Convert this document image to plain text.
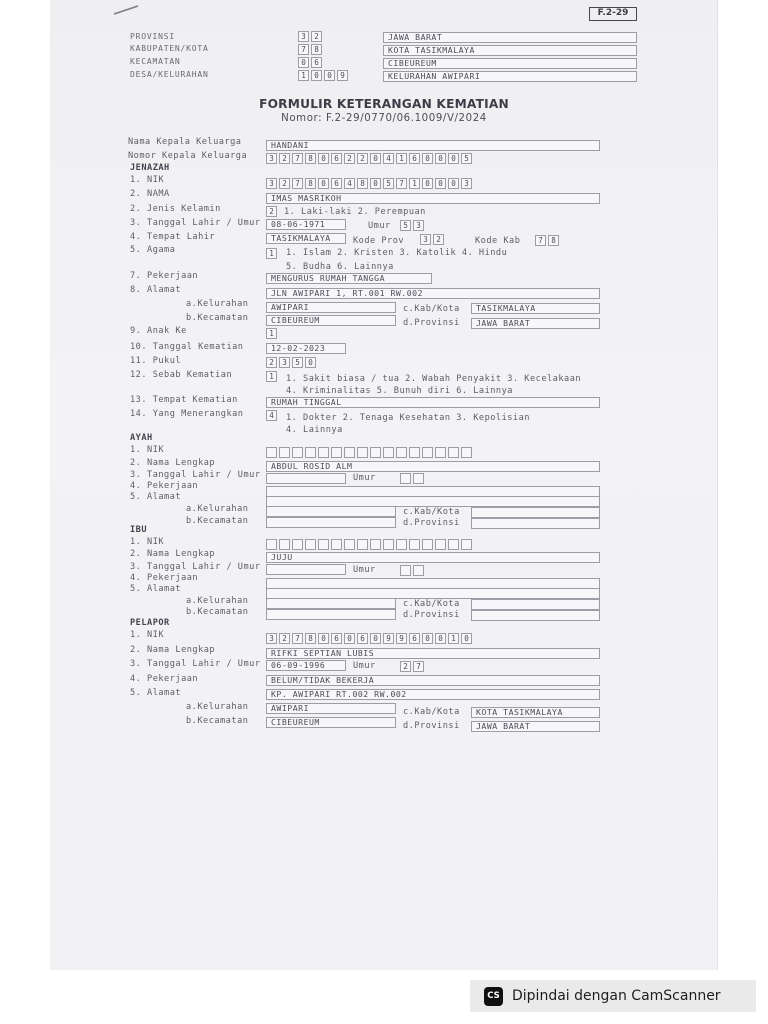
F.2-29
PROVINSI	3	2	JAWA BARAT
KABUPATEN/KOTA	7	8	KOTA TASIKMALAYA
KECAMATAN	0	6	CIBEUREUM
DESA/KELURAHAN	1	0	0	9	KELURAHAN AWIPARI
FORMULIR KETERANGAN KEMATIAN
Nomor: F.2-29/0770/06.1009/V/2024
Nama Kepala Keluarga	HANDANI
Nomor Kepala Keluarga	3	2	7	8	0	6	2	2	0	4	1	6	0	0	0	5
JENAZAH
1. NIK	3	2	7	8	0	6	4	8	0	5	7	1	0	0	0	3
2. NAMA	IMAS MASRIKOH
2. Jenis Kelamin	2	1. Laki-laki 2. Perempuan
3. Tanggal Lahir / Umur	08-06-1971	Umur	5	3
4. Tempat Lahir	TASIKMALAYA	Kode Prov	3	2	Kode Kab	7	8
5. Agama	1	1. Islam 2. Kristen 3. Katolik 4. Hindu
5. Budha 6. Lainnya
7. Pekerjaan	MENGURUS RUMAH TANGGA
8. Alamat	JLN AWIPARI 1, RT.001 RW.002
a.Kelurahan	AWIPARI	c.Kab/Kota	TASIKMALAYA
b.Kecamatan	CIBEUREUM	d.Provinsi	JAWA BARAT
9. Anak Ke	1
10. Tanggal Kematian	12-02-2023
11. Pukul	2	3	5	0
12. Sebab Kematian	1	1. Sakit biasa / tua 2. Wabah Penyakit 3. Kecelakaan
4. Kriminalitas 5. Bunuh diri 6. Lainnya
13. Tempat Kematian	RUMAH TINGGAL
14. Yang Menerangkan	4	1. Dokter 2. Tenaga Kesehatan 3. Kepolisian
4. Lainnya
AYAH
1. NIK
2. Nama Lengkap	ABDUL ROSID ALM
3. Tanggal Lahir / Umur	Umur
4. Pekerjaan
5. Alamat
a.Kelurahan	c.Kab/Kota
b.Kecamatan	d.Provinsi
IBU
1. NIK
2. Nama Lengkap	JUJU
3. Tanggal Lahir / Umur	Umur
4. Pekerjaan
5. Alamat
a.Kelurahan	c.Kab/Kota
b.Kecamatan	d.Provinsi
PELAPOR
1. NIK	3	2	7	8	0	6	0	6	0	9	9	6	0	0	1	0
2. Nama Lengkap	RIFKI SEPTIAN LUBIS
3. Tanggal Lahir / Umur	06-09-1996	Umur	2	7
4. Pekerjaan	BELUM/TIDAK BEKERJA
5. Alamat	KP. AWIPARI RT.002 RW.002
a.Kelurahan	AWIPARI	c.Kab/Kota	KOTA TASIKMALAYA
b.Kecamatan	CIBEUREUM	d.Provinsi	JAWA BARAT
CS Dipindai dengan CamScanner
